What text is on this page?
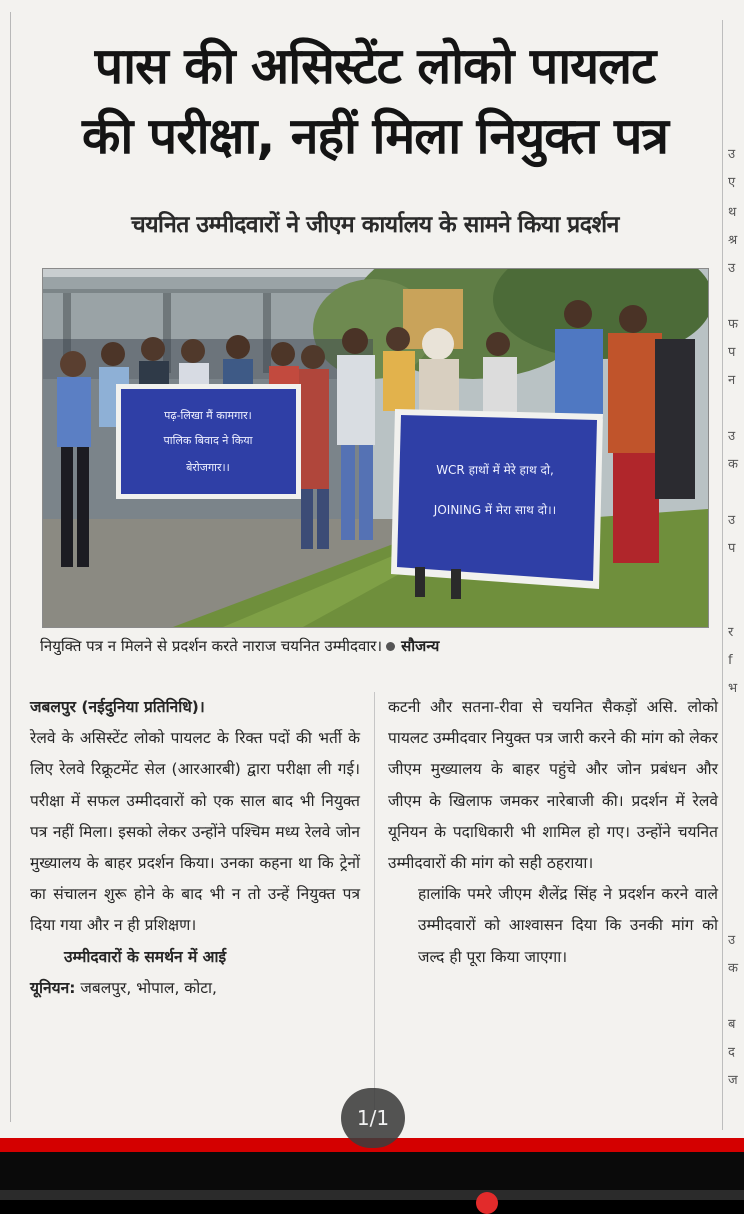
उ
ए
थ
श्र
उ
फ
प
न
उ
क
उ
प
र
f
भ
उ
क
ब
द
ज
पास की असिस्टेंट लोको पायलट
की परीक्षा, नहीं मिला नियुक्त पत्र
चयनित उम्मीदवारों ने जीएम कार्यालय के सामने किया प्रदर्शन
पढ़-लिखा मैं कामगार।
पालिक बिवाद ने किया
बेरोजगार।।	WCR हाथों में मेरे हाथ दो,
JOINING में मेरा साथ दो।।
नियुक्ति पत्र न मिलने से प्रदर्शन करते नाराज चयनित उम्मीदवार। सौजन्य

जबलपुर (नईदुनिया प्रतिनिधि)।

रेलवे के असिस्टेंट लोको पायलट के रिक्त पदों की भर्ती के लिए रेलवे रिक्रूटमेंट सेल (आरआरबी) द्वारा परीक्षा ली गई। परीक्षा में सफल उम्मीदवारों को एक साल बाद भी नियुक्त पत्र नहीं मिला। इसको लेकर उन्होंने पश्चिम मध्य रेलवे जोन मुख्यालय के बाहर प्रदर्शन किया। उनका कहना था कि ट्रेनों का संचालन शुरू होने के बाद भी न तो उन्हें नियुक्त पत्र दिया गया और न ही प्रशिक्षण।

उम्मीदवारों के समर्थन में आई

यूनियन: जबलपुर, भोपाल, कोटा,

कटनी और सतना-रीवा से चयनित सैकड़ों असि. लोको पायलट उम्मीदवार नियुक्त पत्र जारी करने की मांग को लेकर जीएम मुख्यालय के बाहर पहुंचे और जोन प्रबंधन और जीएम के खिलाफ जमकर नारेबाजी की। प्रदर्शन में रेलवे यूनियन के पदाधिकारी भी शामिल हो गए। उन्होंने चयनित उम्मीदवारों की मांग को सही ठहराया।

हालांकि पमरे जीएम शैलेंद्र सिंह ने प्रदर्शन करने वाले उम्मीदवारों को आश्वासन दिया कि उनकी मांग को जल्द ही पूरा किया जाएगा।

1/1
